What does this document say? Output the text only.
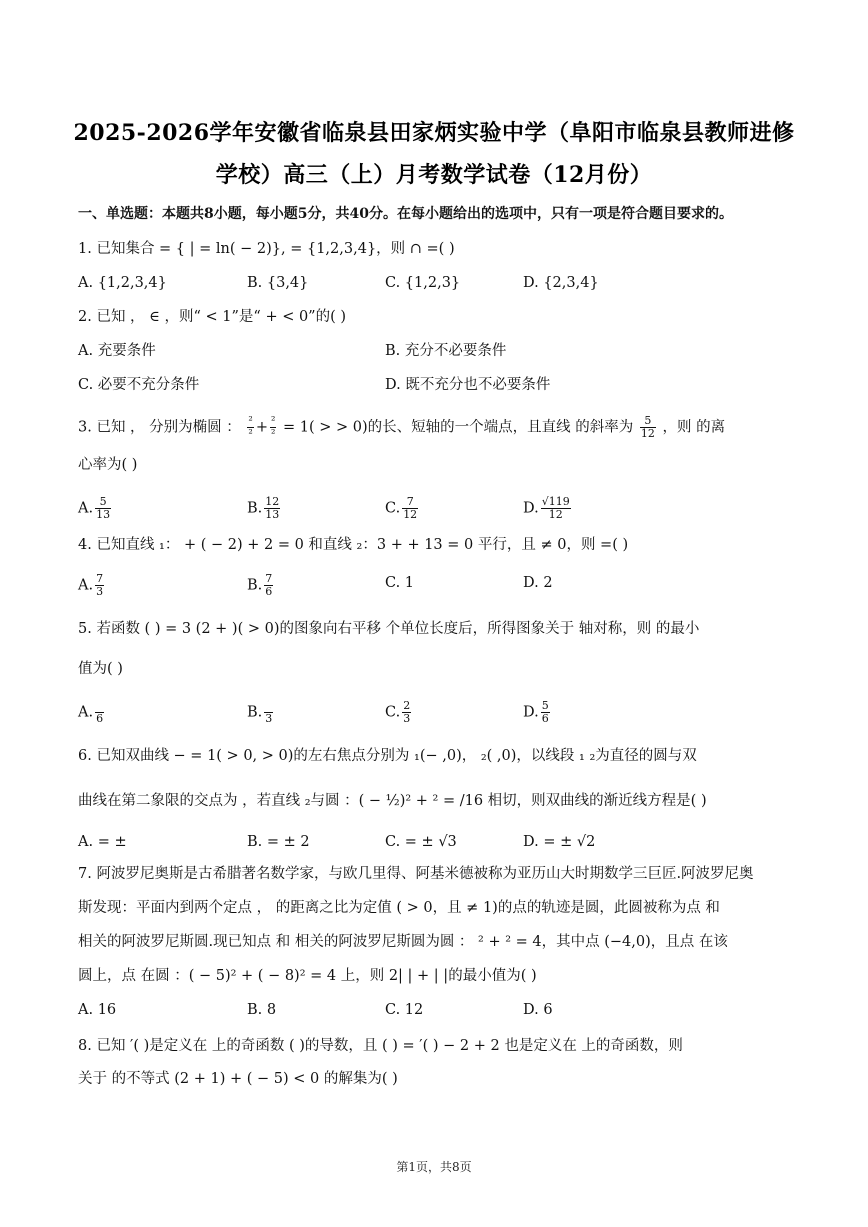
2025-2026学年安徽省临泉县田家炳实验中学（阜阳市临泉县教师进修
学校）高三（上）月考数学试卷（12月份）
一、单选题：本题共8小题，每小题5分，共40分。在每小题给出的选项中，只有一项是符合题目要求的。
1. 已知集合 = { | = ln( − 2)}, = {1,2,3,4}，则 ∩ =( )
A. {1,2,3,4}	B. {3,4}	C. {1,2,3}	D. {2,3,4}
2. 已知 ， ∈ ，则“ < 1”是“ + < 0”的( )
A. 充要条件	B. 充分不必要条件
C. 必要不充分条件	D. 既不充分也不必要条件
3. 已知 ， 分别为椭圆 ： $\frac{\text{²}}{\text{²}} + \frac{\text{²}}{\text{²}} = 1$( > > 0)的长、短轴的一个端点，且直线 的斜率为 $\frac{5}{12}$ ，则 的离
心率为( )
A. $\frac{5}{13}$	B. $\frac{12}{13}$	C. $\frac{7}{12}$	D. $\frac{√119}{12}$
4. 已知直线 ₁： + ( − 2) + 2 = 0 和直线 ₂：3 + + 13 = 0 平行，且 ≠ 0，则 =( )
A. $\frac{7}{3}$	B. $\frac{7}{6}$	C. 1	D. 2
5. 若函数 ( ) = 3 (2 + )( > 0)的图象向右平移 个单位长度后，所得图象关于 轴对称，则 的最小
值为( )
A.
6	B.
3	C. $\frac{2}{3}$	D. $\frac{5}{6}$
6. 已知双曲线 − = 1( > 0, > 0)的左右焦点分别为 ₁(− ,0)， ₂( ,0)，以线段 ₁ ₂为直径的圆与双
曲线在第二象限的交点为 ，若直线 ₂与圆 ：( − ½)² + ² = /16 相切，则双曲线的渐近线方程是( )
A. = ±	B. = ± 2	C. = ± √3	D. = ± √2
7. 阿波罗尼奥斯是古希腊著名数学家，与欧几里得、阿基米德被称为亚历山大时期数学三巨匠.阿波罗尼奥
斯发现：平面内到两个定点 ， 的距离之比为定值 ( > 0，且 ≠ 1)的点的轨迹是圆，此圆被称为点 和
相关的阿波罗尼斯圆.现已知点 和 相关的阿波罗尼斯圆为圆 ： ² + ² = 4，其中点 (−4,0)，且点 在该
圆上，点 在圆 ：( − 5)² + ( − 8)² = 4 上，则 2| | + | |的最小值为( )
A. 16	B. 8	C. 12	D. 6
8. 已知 ′( )是定义在 上的奇函数 ( )的导数，且 ( ) = ′( ) − 2 + 2 也是定义在 上的奇函数，则
关于 的不等式 (2 + 1) + ( − 5) < 0 的解集为( )
第1页，共8页
